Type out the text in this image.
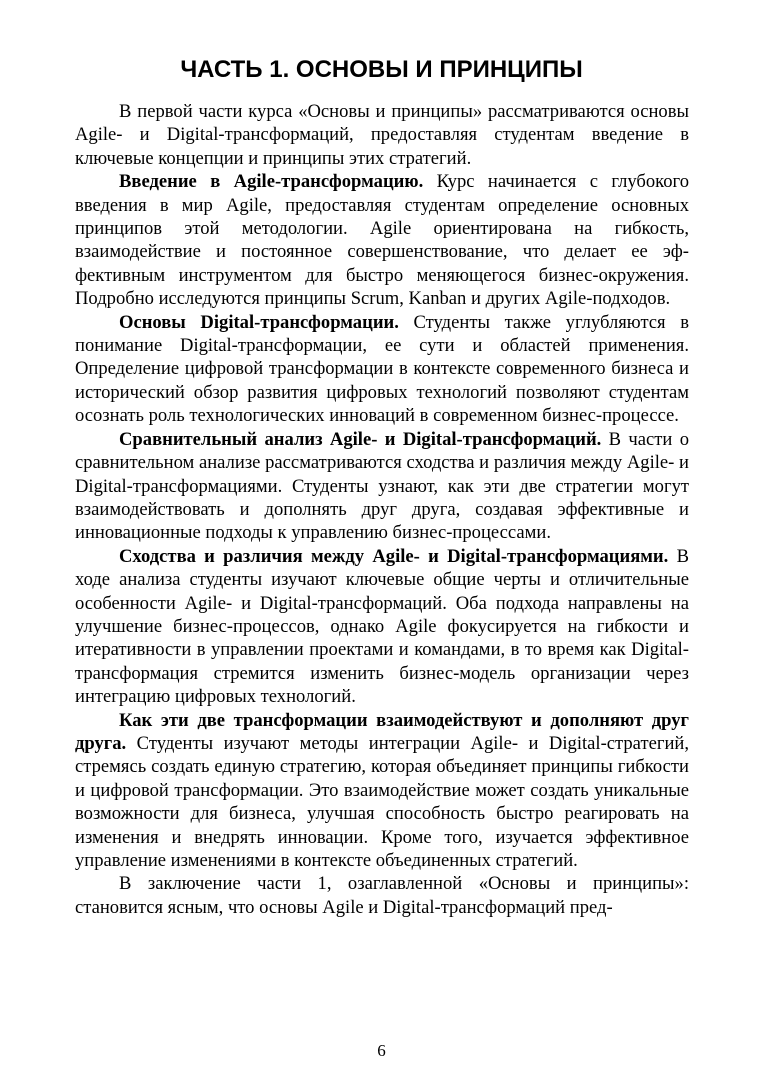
ЧАСТЬ 1. ОСНОВЫ И ПРИНЦИПЫ

В первой части курса «Основы и принципы» рассматриваются основы Agile- и Digital-трансформаций, предоставляя студентам введение в ключевые концепции и принципы этих стратегий.

Введение в Agile-трансформацию. Курс начинается с глубокого введения в мир Agile, предоставляя студентам определение основных принципов этой методологии. Agile ориентирована на гибкость, взаимодействие и постоянное совершенствование, что делает ее эффективным инструментом для быстро меняющегося бизнес-окружения. Подробно исследуются принципы Scrum, Kanban и других Agile-подходов.

Основы Digital-трансформации. Студенты также углубляются в понимание Digital-трансформации, ее сути и областей применения. Определение цифровой трансформации в контексте современного бизнеса и исторический обзор развития цифровых технологий позволяют студентам осознать роль технологических инноваций в современном бизнес-процессе.

Сравнительный анализ Agile- и Digital-трансформаций. В части о сравнительном анализе рассматриваются сходства и различия между Agile- и Digital-трансформациями. Студенты узнают, как эти две стратегии могут взаимодействовать и дополнять друг друга, создавая эффективные и инновационные подходы к управлению бизнес-процессами.

Сходства и различия между Agile- и Digital-трансформациями. В ходе анализа студенты изучают ключевые общие черты и отличительные особенности Agile- и Digital-трансформаций. Оба подхода направлены на улучшение бизнес-процессов, однако Agile фокусируется на гибкости и итеративности в управлении проектами и командами, в то время как Digital-трансформация стремится изменить бизнес-модель организации через интеграцию цифровых технологий.

Как эти две трансформации взаимодействуют и дополняют друг друга. Студенты изучают методы интеграции Agile- и Digital-стратегий, стремясь создать единую стратегию, которая объединяет принципы гибкости и цифровой трансформации. Это взаимодействие может создать уникальные возможности для бизнеса, улучшая способность быстро реагировать на изменения и внедрять инновации. Кроме того, изучается эффективное управление изменениями в контексте объединенных стратегий.

В заключение части 1, озаглавленной «Основы и принципы»: становится ясным, что основы Agile и Digital-трансформаций пред-

6
